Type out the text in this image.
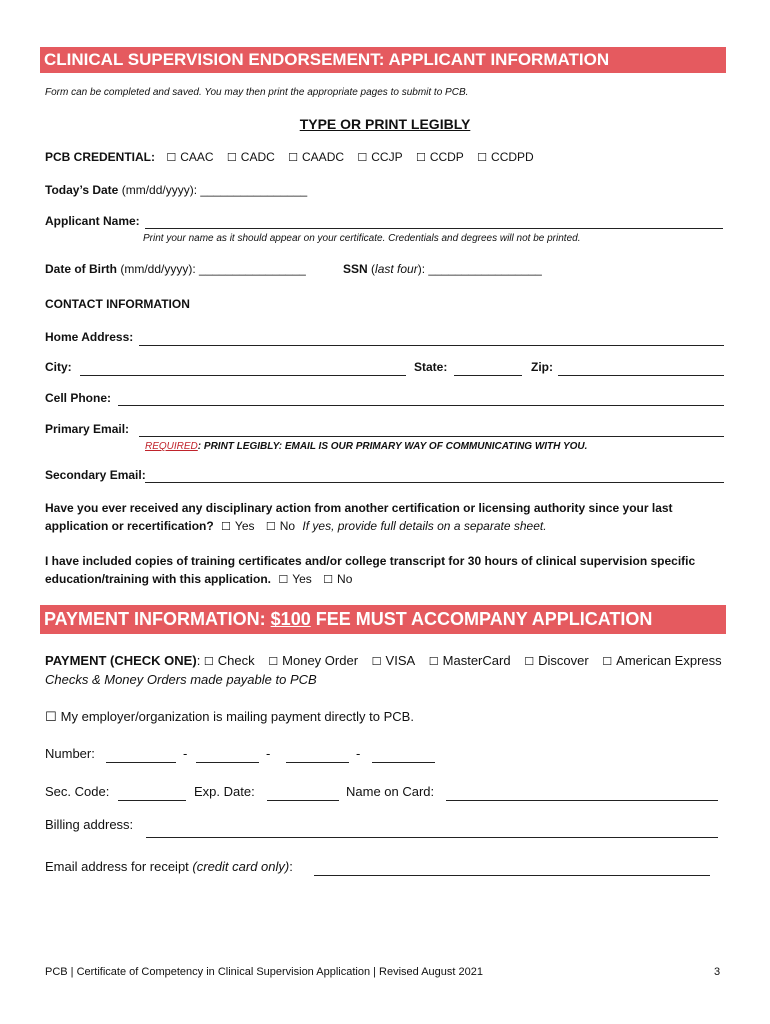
CLINICAL SUPERVISION ENDORSEMENT: APPLICANT INFORMATION
Form can be completed and saved. You may then print the appropriate pages to submit to PCB.
TYPE OR PRINT LEGIBLY
PCB CREDENTIAL: ☐ CAAC ☐ CADC ☐ CAADC ☐ CCJP ☐ CCDP ☐ CCDPD
Today’s Date (mm/dd/yyyy): ________________
Applicant Name:
Print your name as it should appear on your certificate. Credentials and degrees will not be printed.
Date of Birth (mm/dd/yyyy): ________________	SSN (last four): _________________
CONTACT INFORMATION
Home Address:
City:	State:	Zip:
Cell Phone:
Primary Email:
REQUIRED: PRINT LEGIBLY: EMAIL IS OUR PRIMARY WAY OF COMMUNICATING WITH YOU.
Secondary Email:
Have you ever received any disciplinary action from another certification or licensing authority since your last
application or recertification? ☐ Yes ☐ No If yes, provide full details on a separate sheet.
I have included copies of training certificates and/or college transcript for 30 hours of clinical supervision specific
education/training with this application. ☐ Yes ☐ No
PAYMENT INFORMATION: $100 FEE MUST ACCOMPANY APPLICATION
PAYMENT (CHECK ONE): ☐ Check ☐ Money Order ☐ VISA ☐ MasterCard ☐ Discover ☐ American Express
Checks & Money Orders made payable to PCB
☐ My employer/organization is mailing payment directly to PCB.
Number:	-	-	-
Sec. Code:	Exp. Date:	Name on Card:
Billing address:
Email address for receipt (credit card only):
PCB | Certificate of Competency in Clinical Supervision Application | Revised August 2021	3
